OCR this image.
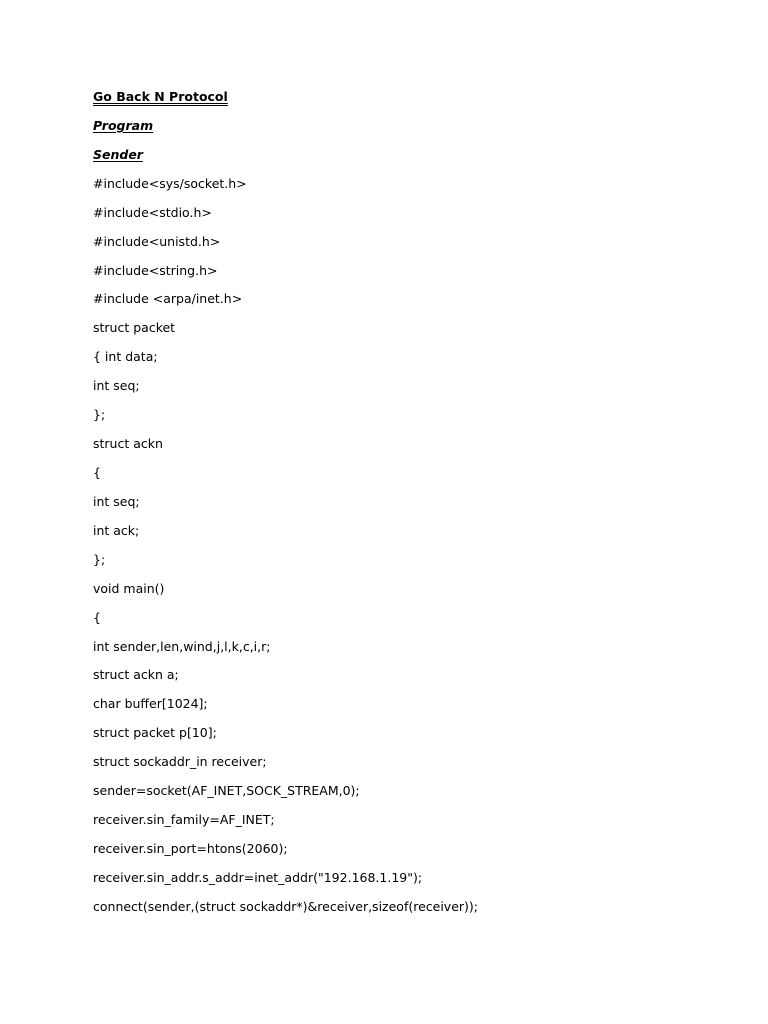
Go Back N Protocol
Program
Sender
#include<sys/socket.h>
#include<stdio.h>
#include<unistd.h>
#include<string.h>
#include <arpa/inet.h>
struct packet
{ int data;
int seq;
};
struct ackn
{
int seq;
int ack;
};
void main()
{
int sender,len,wind,j,l,k,c,i,r;
struct ackn a;
char buffer[1024];
struct packet p[10];
struct sockaddr_in receiver;
sender=socket(AF_INET,SOCK_STREAM,0);
receiver.sin_family=AF_INET;
receiver.sin_port=htons(2060);
receiver.sin_addr.s_addr=inet_addr("192.168.1.19");
connect(sender,(struct sockaddr*)&receiver,sizeof(receiver));
